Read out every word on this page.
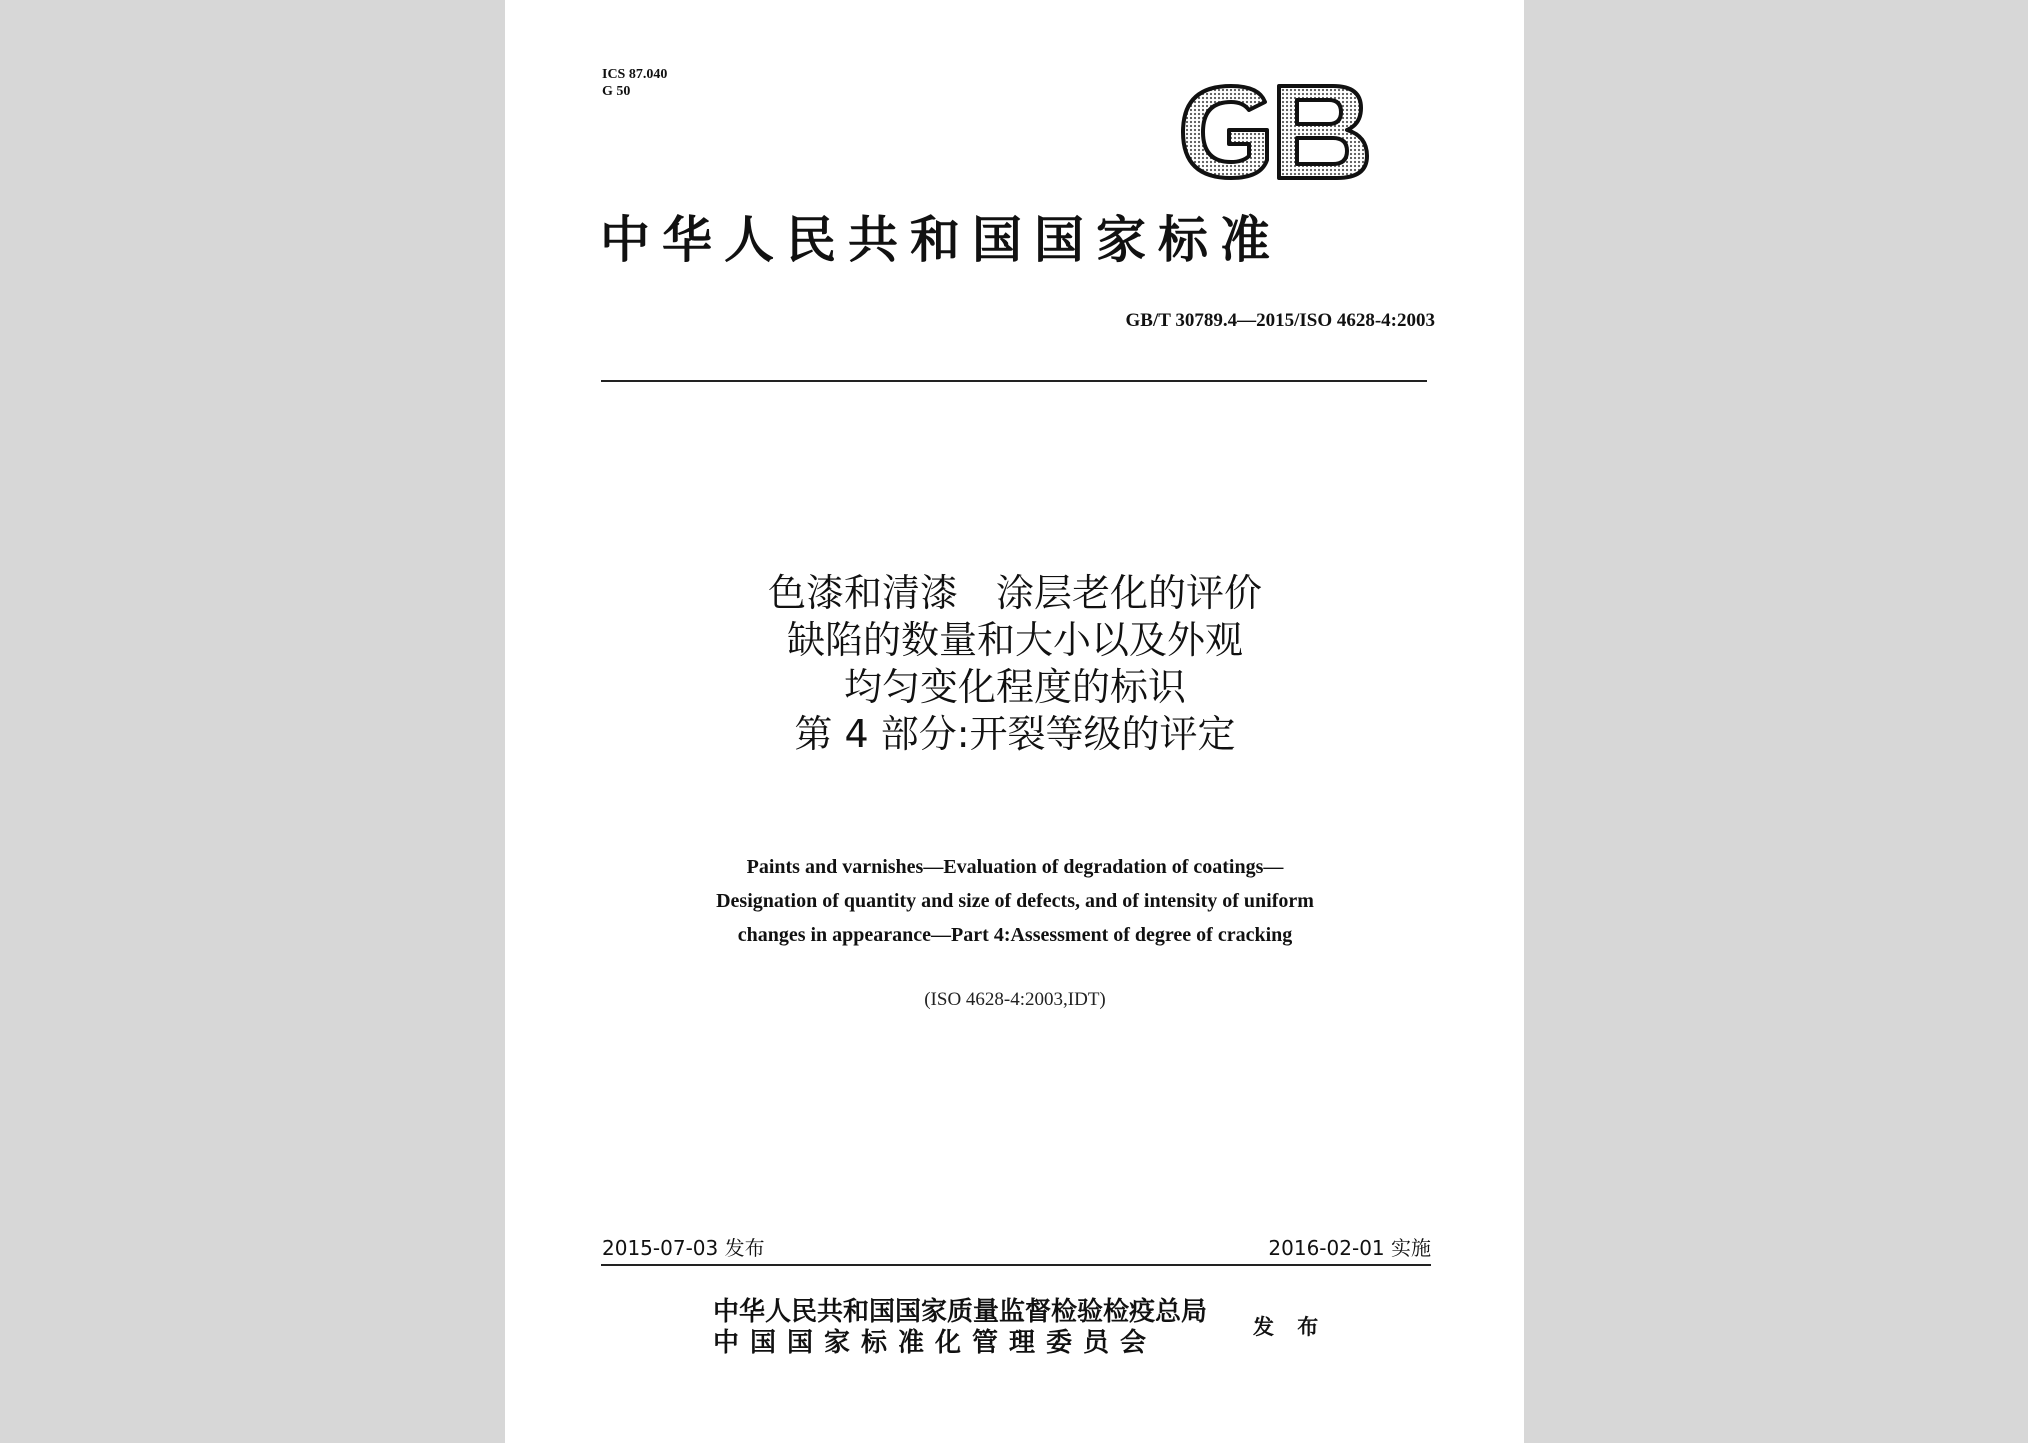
ICS 87.040
G 50
中华人民共和国国家标准
GB/T 30789.4—2015/ISO 4628-4:2003
色漆和清漆　涂层老化的评价
缺陷的数量和大小以及外观
均匀变化程度的标识
第 4 部分:开裂等级的评定
Paints and varnishes—Evaluation of degradation of coatings—
Designation of quantity and size of defects, and of intensity of uniform
changes in appearance—Part 4:Assessment of degree of cracking
(ISO 4628-4:2003,IDT)
2015-07-03 发布	2016-02-01 实施
中华人民共和国国家质量监督检验检疫总局
中国国家标准化管理委员会
发 布
